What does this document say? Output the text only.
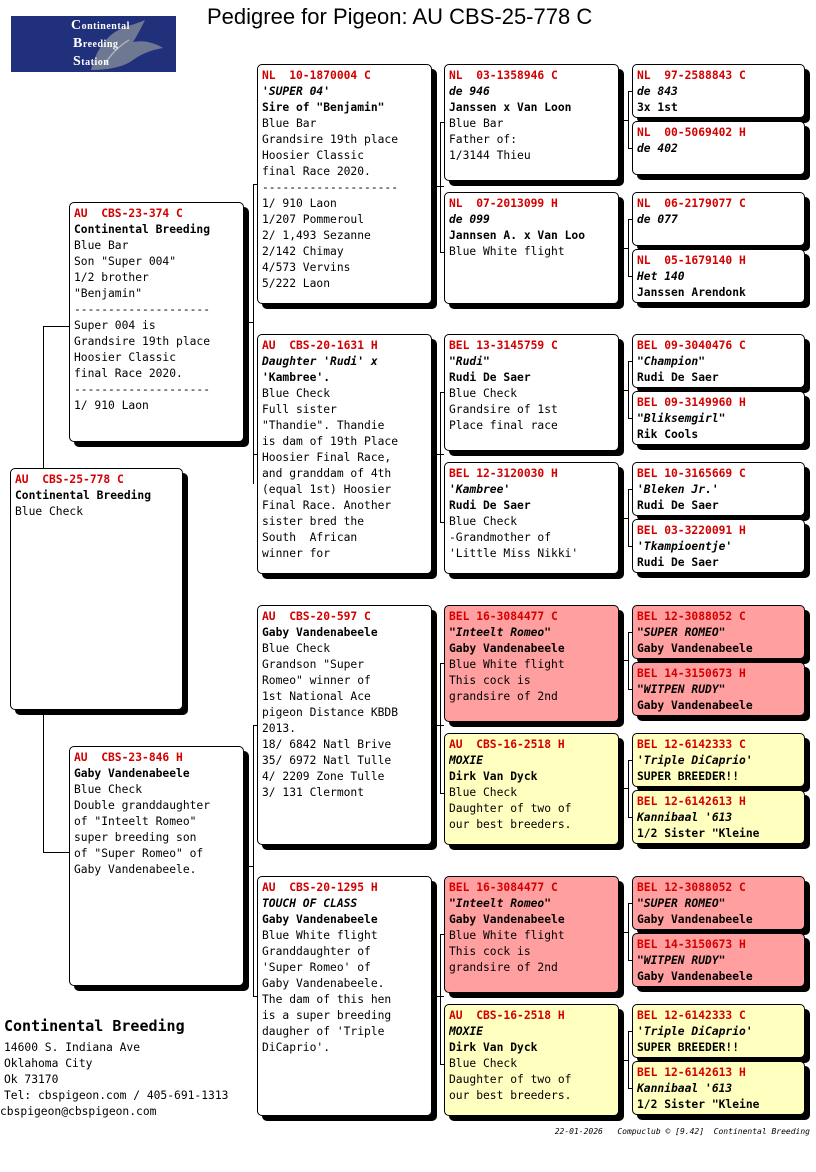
Pedigree for Pigeon: AU CBS-25-778 C
Continental
Breeding
Station
AU  CBS-25-778 C
Continental Breeding
Blue Check
AU  CBS-23-374 C
Continental Breeding
Blue Bar
Son "Super 004"
1/2 brother
"Benjamin"
--------------------
Super 004 is
Grandsire 19th place
Hoosier Classic
final Race 2020.
--------------------
1/ 910 Laon
AU  CBS-23-846 H
Gaby Vandenabeele
Blue Check
Double granddaughter
of "Inteelt Romeo"
super breeding son
of "Super Romeo" of
Gaby Vandenabeele.
NL  10-1870004 C
'SUPER 04'
Sire of "Benjamin"
Blue Bar
Grandsire 19th place
Hoosier Classic
final Race 2020.
--------------------
1/ 910 Laon
1/207 Pommeroul
2/ 1,493 Sezanne
2/142 Chimay
4/573 Vervins
5/222 Laon
AU  CBS-20-1631 H
Daughter 'Rudi' x
'Kambree'.
Blue Check
Full sister
"Thandie". Thandie
is dam of 19th Place
Hoosier Final Race,
and granddam of 4th
(equal 1st) Hoosier
Final Race. Another
sister bred the
South  African
winner for
AU  CBS-20-597 C
Gaby Vandenabeele
Blue Check
Grandson "Super
Romeo" winner of
1st National Ace
pigeon Distance KBDB
2013.
18/ 6842 Natl Brive
35/ 6972 Natl Tulle
4/ 2209 Zone Tulle
3/ 131 Clermont
AU  CBS-20-1295 H
TOUCH OF CLASS
Gaby Vandenabeele
Blue White flight
Granddaughter of
'Super Romeo' of
Gaby Vandenabeele.
The dam of this hen
is a super breeding
daugher of 'Triple
DiCaprio'.
NL  03-1358946 C
de 946
Janssen x Van Loon
Blue Bar
Father of:
1/3144 Thieu
NL  07-2013099 H
de 099
Jannsen A. x Van Loo
Blue White flight
BEL 13-3145759 C
"Rudi"
Rudi De Saer
Blue Check
Grandsire of 1st
Place final race
BEL 12-3120030 H
'Kambree'
Rudi De Saer
Blue Check
-Grandmother of
'Little Miss Nikki'
BEL 16-3084477 C
"Inteelt Romeo"
Gaby Vandenabeele
Blue White flight
This cock is
grandsire of 2nd
AU  CBS-16-2518 H
MOXIE
Dirk Van Dyck
Blue Check
Daughter of two of
our best breeders.
BEL 16-3084477 C
"Inteelt Romeo"
Gaby Vandenabeele
Blue White flight
This cock is
grandsire of 2nd
AU  CBS-16-2518 H
MOXIE
Dirk Van Dyck
Blue Check
Daughter of two of
our best breeders.
NL  97-2588843 C
de 843
3x 1st
NL  00-5069402 H
de 402
NL  06-2179077 C
de 077
NL  05-1679140 H
Het 140
Janssen Arendonk
BEL 09-3040476 C
"Champion"
Rudi De Saer
BEL 09-3149960 H
"Bliksemgirl"
Rik Cools
BEL 10-3165669 C
'Bleken Jr.'
Rudi De Saer
BEL 03-3220091 H
'Tkampioentje'
Rudi De Saer
BEL 12-3088052 C
"SUPER ROMEO"
Gaby Vandenabeele
BEL 14-3150673 H
"WITPEN RUDY"
Gaby Vandenabeele
BEL 12-6142333 C
'Triple DiCaprio'
SUPER BREEDER!!
BEL 12-6142613 H
Kannibaal '613
1/2 Sister "Kleine
BEL 12-3088052 C
"SUPER ROMEO"
Gaby Vandenabeele
BEL 14-3150673 H
"WITPEN RUDY"
Gaby Vandenabeele
BEL 12-6142333 C
'Triple DiCaprio'
SUPER BREEDER!!
BEL 12-6142613 H
Kannibaal '613
1/2 Sister "Kleine
Continental Breeding
14600 S. Indiana Ave
Oklahoma City
Ok 73170
Tel: cbspigeon.com / 405-691-1313
cbspigeon@cbspigeon.com
22-01-2026 Compuclub © [9.42] Continental Breeding
